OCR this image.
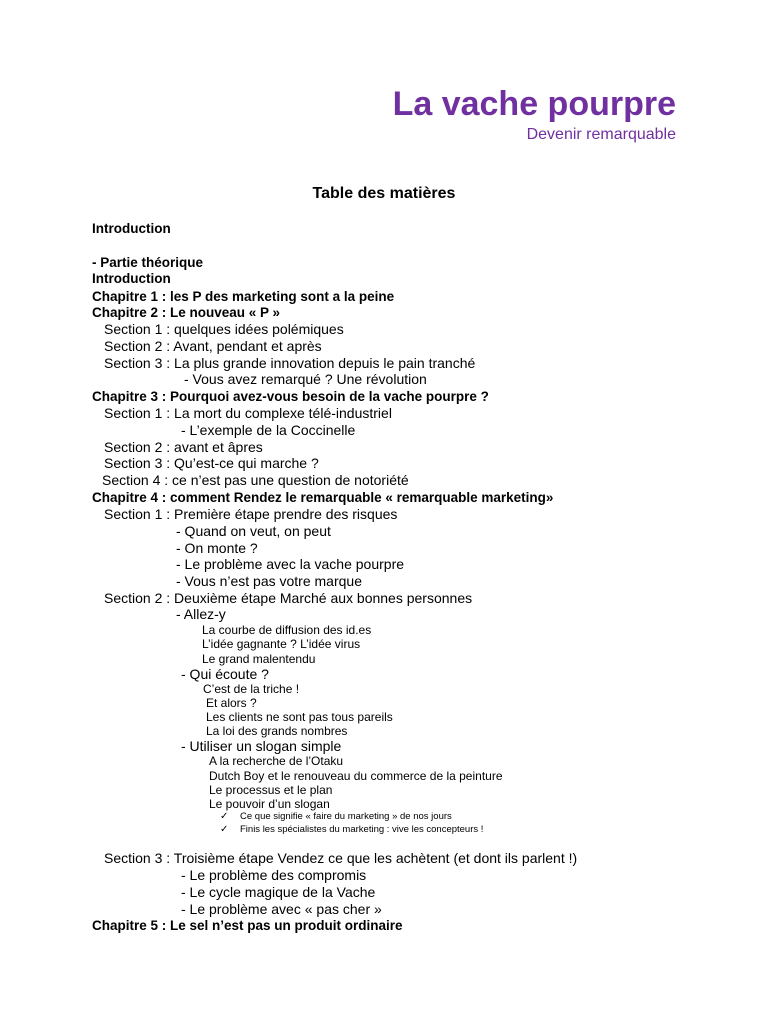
La vache pourpre
Devenir remarquable
Table des matières
Introduction
- Partie théorique
Introduction
Chapitre 1 : les P des marketing sont a la peine
Chapitre 2 : Le nouveau « P »
Section 1 : quelques idées polémiques
Section 2 : Avant, pendant et après
Section 3 : La plus grande innovation depuis le pain tranché
- Vous avez remarqué ? Une révolution
Chapitre 3 : Pourquoi avez-vous besoin de la vache pourpre ?
Section 1 : La mort du complexe télé-industriel
- L’exemple de la Coccinelle
Section 2 : avant et âpres
Section 3 : Qu’est-ce qui marche ?
Section 4 : ce n’est pas une question de notoriété
Chapitre 4 : comment Rendez le remarquable « remarquable marketing»
Section 1 : Première étape prendre des risques
- Quand on veut, on peut
- On monte ?
- Le problème avec la vache pourpre
- Vous n’est pas votre marque
Section 2 : Deuxième étape Marché aux bonnes personnes
- Allez-y
La courbe de diffusion des id.es
L’idée gagnante ? L’idée virus
Le grand malentendu
- Qui écoute ?
C’est de la triche !
Et alors ?
Les clients ne sont pas tous pareils
La loi des grands nombres
- Utiliser un slogan simple
A la recherche de l’Otaku
Dutch Boy et le renouveau du commerce de la peinture
Le processus et le plan
Le pouvoir d’un slogan
✓ Ce que signifie « faire du marketing » de nos jours
✓ Finis les spécialistes du marketing : vive les concepteurs !
Section 3 : Troisième étape Vendez ce que les achètent (et dont ils parlent !)
- Le problème des compromis
- Le cycle magique de la Vache
- Le problème avec « pas cher »
Chapitre 5 : Le sel n’est pas un produit ordinaire
